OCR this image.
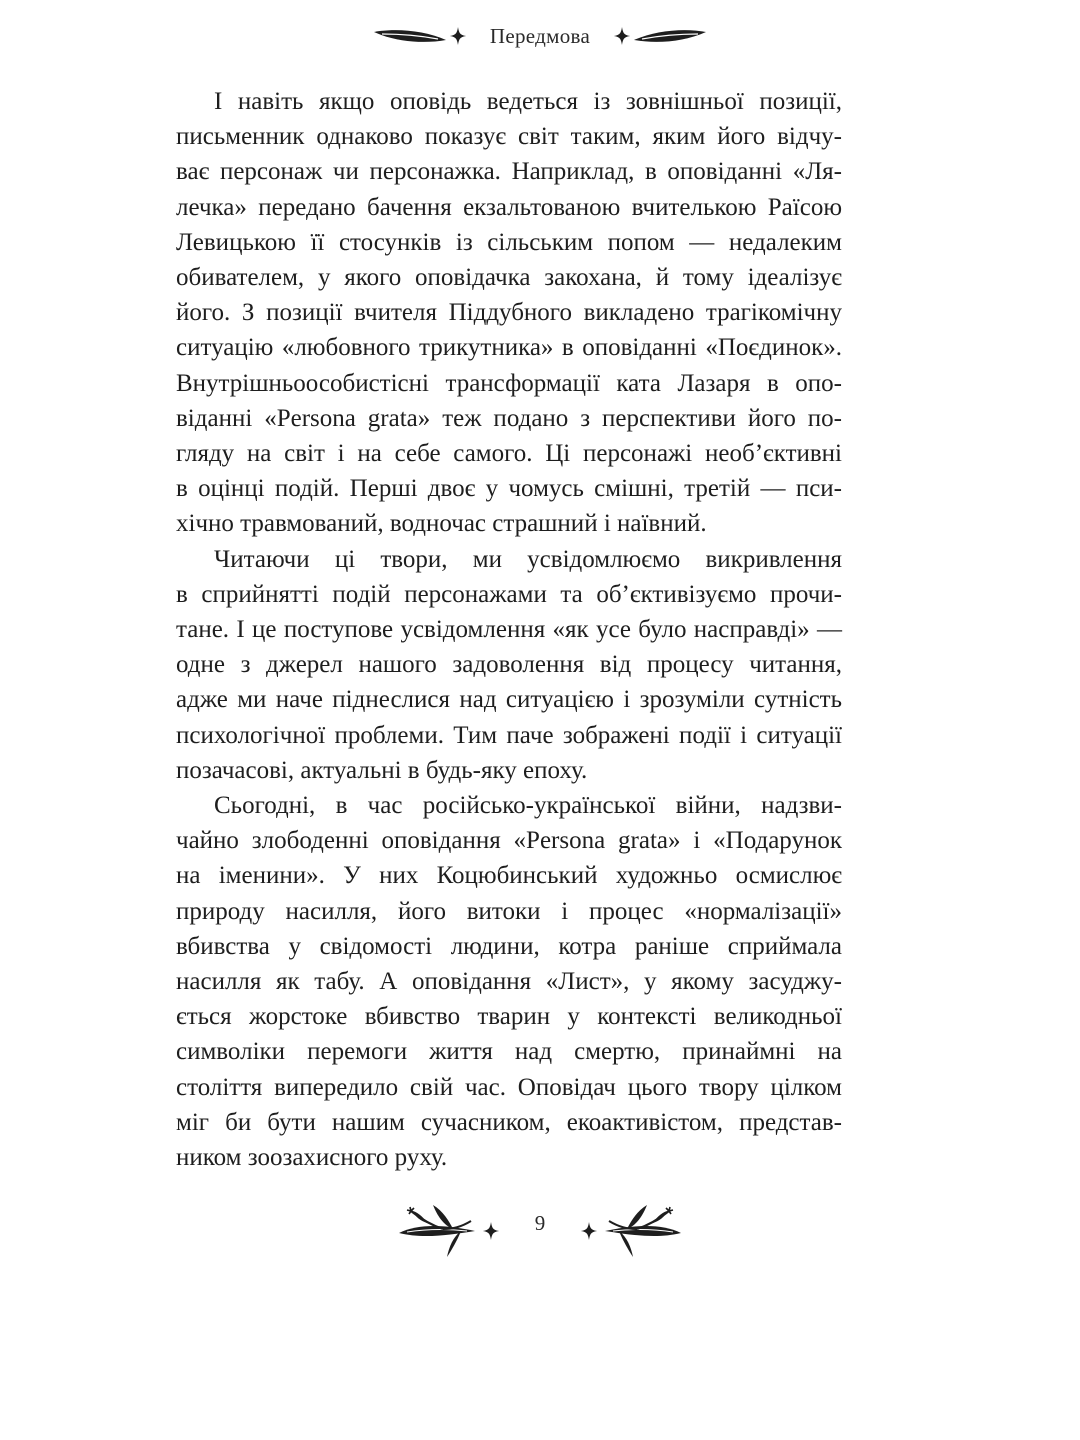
Передмова

І навіть якщо оповідь ведеться із зовнішньої позиції,
письменник однаково показує світ таким, яким його відчу-
ває персонаж чи персонажка. Наприклад, в оповіданні «Ля-
лечка» передано бачення екзальтованою вчителькою Раїсою
Левицькою її стосунків із сільським попом — недалеким
обивателем, у якого оповідачка закохана, й тому ідеалізує
його. З позиції вчителя Піддубного викладено трагікомічну
ситуацію «любовного трикутника» в оповіданні «Поєдинок».
Внутрішньоособистісні трансформації ката Лазаря в опо-
віданні «Persona grata» теж подано з перспективи його по-
гляду на світ і на себе самого. Ці персонажі необ’єктивні
в оцінці подій. Перші двоє у чомусь смішні, третій — пси-
хічно травмований, водночас страшний і наївний.

Читаючи ці твори, ми усвідомлюємо викривлення
в сприйнятті подій персонажами та об’єктивізуємо прочи-
тане. І це поступове усвідомлення «як усе було насправді» —
одне з джерел нашого задоволення від процесу читання,
адже ми наче піднеслися над ситуацією і зрозуміли сутність
психологічної проблеми. Тим паче зображені події і ситуації
позачасові, актуальні в будь-яку епоху.

Сьогодні, в час російсько-української війни, надзви-
чайно злободенні оповідання «Persona grata» і «Подарунок
на іменини». У них Коцюбинський художньо осмислює
природу насилля, його витоки і процес «нормалізації»
вбивства у свідомості людини, котра раніше сприймала
насилля як табу. А оповідання «Лист», у якому засуджу-
ється жорстоке вбивство тварин у контексті великодньої
символіки перемоги життя над смертю, принаймні на
століття випередило свій час. Оповідач цього твору цілком
міг би бути нашим сучасником, екоактивістом, представ-
ником зоозахисного руху.

9
